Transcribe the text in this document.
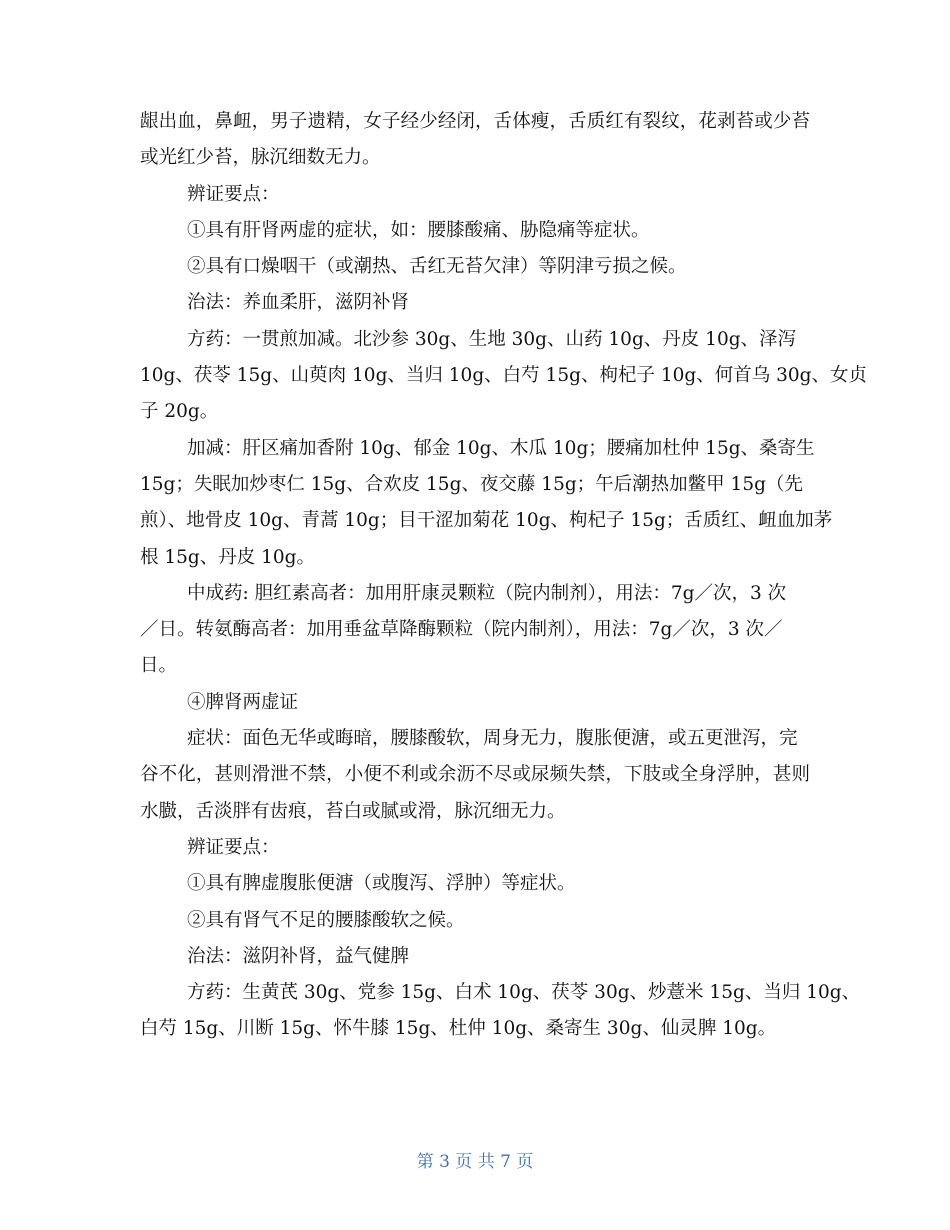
龈出血，鼻衄，男子遗精，女子经少经闭，舌体瘦，舌质红有裂纹，花剥苔或少苔
或光红少苔，脉沉细数无力。
辨证要点：
①具有肝肾两虚的症状，如：腰膝酸痛、胁隐痛等症状。
②具有口燥咽干（或潮热、舌红无苔欠津）等阴津亏损之候。
治法：养血柔肝，滋阴补肾
方药：一贯煎加减。北沙参 30g、生地 30g、山药 10g、丹皮 10g、泽泻
10g、茯苓 15g、山萸肉 10g、当归 10g、白芍 15g、枸杞子 10g、何首乌 30g、女贞
子 20g。
加减：肝区痛加香附 10g、郁金 10g、木瓜 10g；腰痛加杜仲 15g、桑寄生
15g；失眠加炒枣仁 15g、合欢皮 15g、夜交藤 15g；午后潮热加鳖甲 15g（先
煎）、地骨皮 10g、青蒿 10g；目干涩加菊花 10g、枸杞子 15g；舌质红、衄血加茅
根 15g、丹皮 10g。
中成药: 胆红素高者：加用肝康灵颗粒（院内制剂），用法：7g／次，3 次
／日。转氨酶高者：加用垂盆草降酶颗粒（院内制剂），用法：7g／次，3 次／
日。
④脾肾两虚证
症状：面色无华或晦暗，腰膝酸软，周身无力，腹胀便溏，或五更泄泻，完
谷不化，甚则滑泄不禁，小便不利或余沥不尽或尿频失禁，下肢或全身浮肿，甚则
水臌，舌淡胖有齿痕，苔白或腻或滑，脉沉细无力。
辨证要点：
①具有脾虚腹胀便溏（或腹泻、浮肿）等症状。
②具有肾气不足的腰膝酸软之候。
治法：滋阴补肾，益气健脾
方药：生黄芪 30g、党参 15g、白术 10g、茯苓 30g、炒薏米 15g、当归 10g、
白芍 15g、川断 15g、怀牛膝 15g、杜仲 10g、桑寄生 30g、仙灵脾 10g。
第 3 页 共 7 页
